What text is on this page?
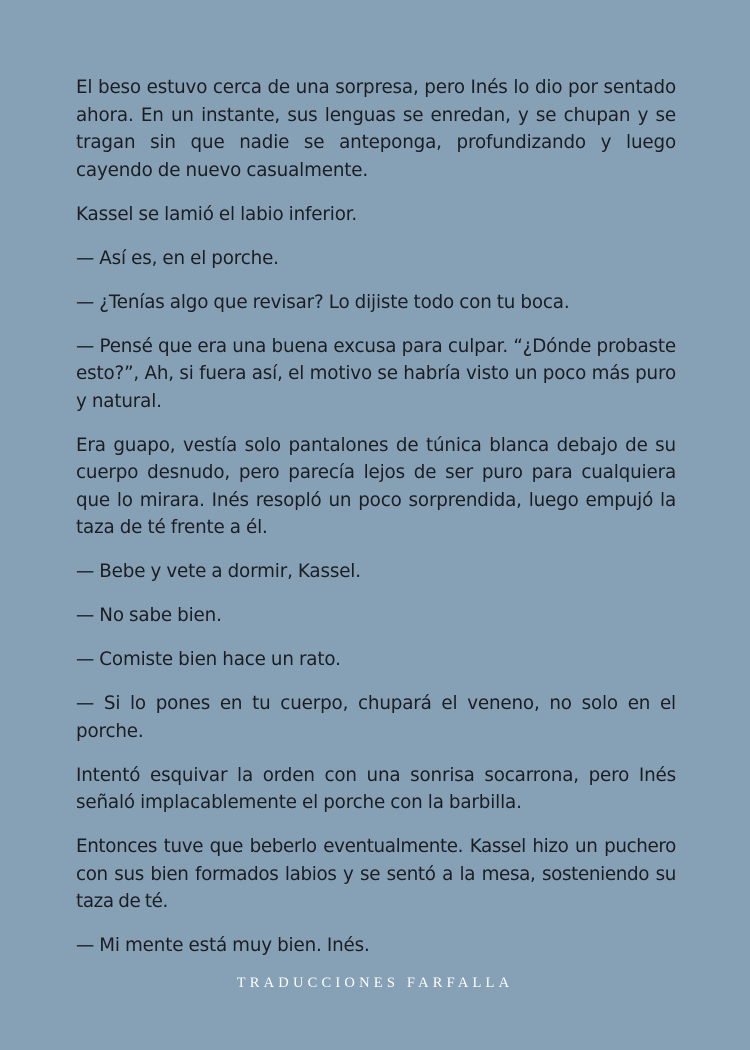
El beso estuvo cerca de una sorpresa, pero Inés lo dio por sentado ahora. En un instante, sus lenguas se enredan, y se chupan y se tragan sin que nadie se anteponga, profundizando y luego cayendo de nuevo casualmente.

Kassel se lamió el labio inferior.

— Así es, en el porche.

— ¿Tenías algo que revisar? Lo dijiste todo con tu boca.

— Pensé que era una buena excusa para culpar. “¿Dónde probaste esto?”, Ah, si fuera así, el motivo se habría visto un poco más puro y natural.

Era guapo, vestía solo pantalones de túnica blanca debajo de su cuerpo desnudo, pero parecía lejos de ser puro para cualquiera que lo mirara. Inés resopló un poco sorprendida, luego empujó la taza de té frente a él.

— Bebe y vete a dormir, Kassel.

— No sabe bien.

— Comiste bien hace un rato.

— Si lo pones en tu cuerpo, chupará el veneno, no solo en el porche.

Intentó esquivar la orden con una sonrisa socarrona, pero Inés señaló implacablemente el porche con la barbilla.

Entonces tuve que beberlo eventualmente. Kassel hizo un puchero con sus bien formados labios y se sentó a la mesa, sosteniendo su taza de té.

— Mi mente está muy bien. Inés.

TRADUCCIONES FARFALLA
